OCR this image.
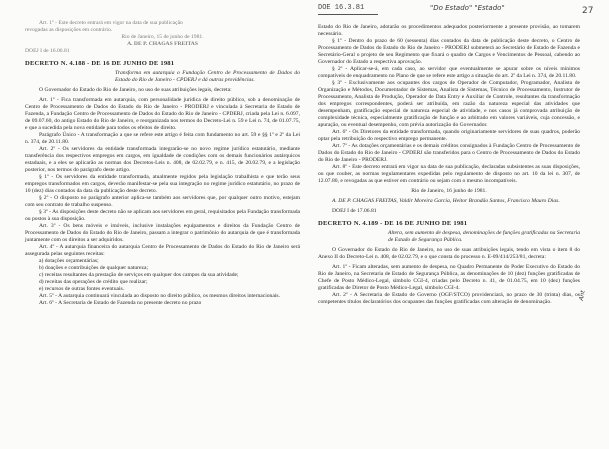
DOE 16.3.81	"Do Estado" "Estado"	27
Ant

Art. 1º - Este decreto entrará em vigor na data de sua publicação

revogadas as disposições em contrário.

Rio de Janeiro, 15 de junho de 1981.

A. DE P. CHAGAS FREITAS

DOEJ I de 16.06.81

DECRETO N. 4.188 - DE 16 DE JUNHO DE 1981

Transforma em autarquia o Fundação Centro de Processamento de Dados do Estado do Rio de Janeiro - CPDERJ e dá outras providências.

O Governador do Estado do Rio de Janeiro, no uso de suas atribuições legais, decreta:

Art. 1º - Fica transformada em autarquia, com personalidade jurídica de direito público, sob a denominação de Centro de Processamento de Dados do Estado do Rio de Janeiro - PRODERJ e vinculada à Secretaria de Estado de Fazenda, a Fundação Centro de Processamento de Dados do Estado do Rio de Janeiro - CPDERJ, criada pela Lei n. 6.097, de 09.07.60, do antigo Estado do Rio de Janeiro, e reorganizada nos termos do Decreto-Lei n. 59 e Lei n. 74, de 01.07.75, e que a sucedida pela nova entidade para todos os efeitos de direito.

Parágrafo Único - A transformação a que se refere este artigo é feita com fundamento no art. 59 e §§ 1º e 2º da Lei n. 374, de 20.11.80.

Art. 2º - Os servidores da entidade transformada integrarão-se no novo regime jurídico estatutário, mediante transferência dos respectivos empregos em cargos, em igualdade de condições com os demais funcionários autárquicos estaduais, e a eles se aplicarão as normas dos Decretos-Leis n. 408, de 02.02.79, e n. 415, de 20.02.79, e a legislação posterior, nos termos do parágrafo deste artigo.

§ 1º - Os servidores da entidade transformada, atualmente regidos pela legislação trabalhista e que terão seus empregos transformados em cargos, deverão manifestar-se pela sua integração no regime jurídico estatutário, no prazo de 10 (dez) dias contados da data da publicação deste decreto.

§ 2º - O disposto no parágrafo anterior aplica-se também aos servidores que, por qualquer outro motivo, estejam com seu contrato de trabalho suspenso.

§ 3º - As disposições deste decreto não se aplicam aos servidores em geral, requisitados pela Fundação transformada ou postos à sua disposição.

Art. 3º - Os bens móveis e imóveis, inclusive instalações equipamentos e direitos da Fundação Centro de Processamento de Dados do Estado do Rio de Janeiro, passam a integrar o patrimônio do autarquia de que é transformada juntamente com os direitos a ser adquiridos.

Art. 4º - A autarquia financeira do autarquia Centro de Processamento de Dados do Estado do Rio de Janeiro será assegurada pelas seguintes receitas:

a) dotações orçamentárias;

b) doações e contribuições de qualquer natureza;

c) receitas resultantes da prestação de serviços em qualquer dos campos da sua atividade;

d) receitas das operações de crédito que realizar;

e) recursos de outras fontes eventuais.

Art. 5º - A autarquia continuará vinculada ao disposto no direito público, os mesmos direitos internacionais.

Art. 6º - A Secretaria de Estado de Fazenda no presente decreto no prazo

Estado do Rio de Janeiro, adotarão os procedimentos adequados posteriormente a presente provisão, ao tomarem necessário.

§ 1º - Dentro do prazo de 60 (sessenta) dias contados da data de publicação deste decreto, o Centro de Processamento de Dados do Estado do Rio de Janeiro - PRODERJ submeterá ao Secretário de Estado de Fazenda e Secretário-Geral o projeto de seu Regimento que fixará o quadro de Cargos e Vencimentos de Pessoal, cabendo ao Governador do Estado a respectiva aprovação.

§ 2º - Aplicar-se-á, em cada caso, ao servidor que eventualmente se apurar sobre os níveis mínimos compatíveis de enquadramento no Plano de que se refere este artigo a situação do art. 2º da Lei n. 374, de 20.11.80.

§ 3º - Exclusivamente aos ocupantes dos cargos de Operador de Computador, Programador, Analista de Organização e Métodos, Documentador de Sistemas, Analista de Sistemas, Técnico de Processamento, Instrutor de Processamento, Analista de Produção, Operador de Data Entry e Auxiliar de Controle, resultantes da transformação dos empregos correspondentes, poderá ser atribuída, em razão da natureza especial das atividades que desempenham, gratificação especial de natureza especial de atividade, e nos casos já comprovada atribuição de complexidade técnica, especialmente gratificação de função e ao arbitrado em valores variáveis, cuja concessão, e apuração, ou eventual desempenho, com prévia autorização do Governador.

Art. 6º - Os Diretores da entidade transformada, quando originariamente servidores de suas quadros, poderão optar pela retribuição do respectivo emprego permanente.

Art. 7º - As dotações orçamentárias e os demais créditos consignados à Fundação Centro de Processamento de Dados do Estado do Rio de Janeiro - CPDERJ são transferidos para o Centro de Processamento de Dados do Estado do Rio de Janeiro - PRODERJ.

Art. 8º - Este decreto entrará em vigor na data de sua publicação, declaradas subsistentes as suas disposições, ou que couber, as normas regulamentares expedidas pelo regulamento de disposto no art. 10 da lei n. 307, de 12.07.80, e revogadas as que estiver em contrário ou sejam com o mesmo incompatíveis.

Rio de Janeiro, 16 junho de 1981.

A. DE P. CHAGAS FREITAS, Valdir Moreira Garcia, Heitor Brandão Santos, Francisco Mauro Dias.

DOEJ I de 17.06.81

DECRETO N. 4.189 - DE 16 DE JUNHO DE 1981

Altera, sem aumento de despesa, denominações de funções gratificadas na Secretaria de Estado de Segurança Pública.

O Governador do Estado do Rio de Janeiro, no uso de suas atribuições legais, tendo em vista o item 8 do Anexo II do Decreto-Lei n. 408, de 02.02.79, e o que consta do processo n. E-09/414/253/81, decreta:

Art. 1º - Ficam alteradas, sem aumento de despesa, no Quadro Permanente do Poder Executivo do Estado do Rio de Janeiro, na Secretaria de Estado de Segurança Pública, as denominações de 10 (dez) funções gratificadas de Chefe de Posto Médico-Legal, símbolo CGI-4, criadas pelo Decreto n. 41, de 01.04.75, em 10 (dez) funções gratificadas de Diretor de Posto Médico-Legal, símbolo CGI-4.

Art. 2º - A Secretaria de Estado de Governo (OGF/STCO) providenciará, no prazo de 30 (trinta) dias, os competentes títulos declaratórios dos ocupantes das funções gratificadas com alteração de denominação.
